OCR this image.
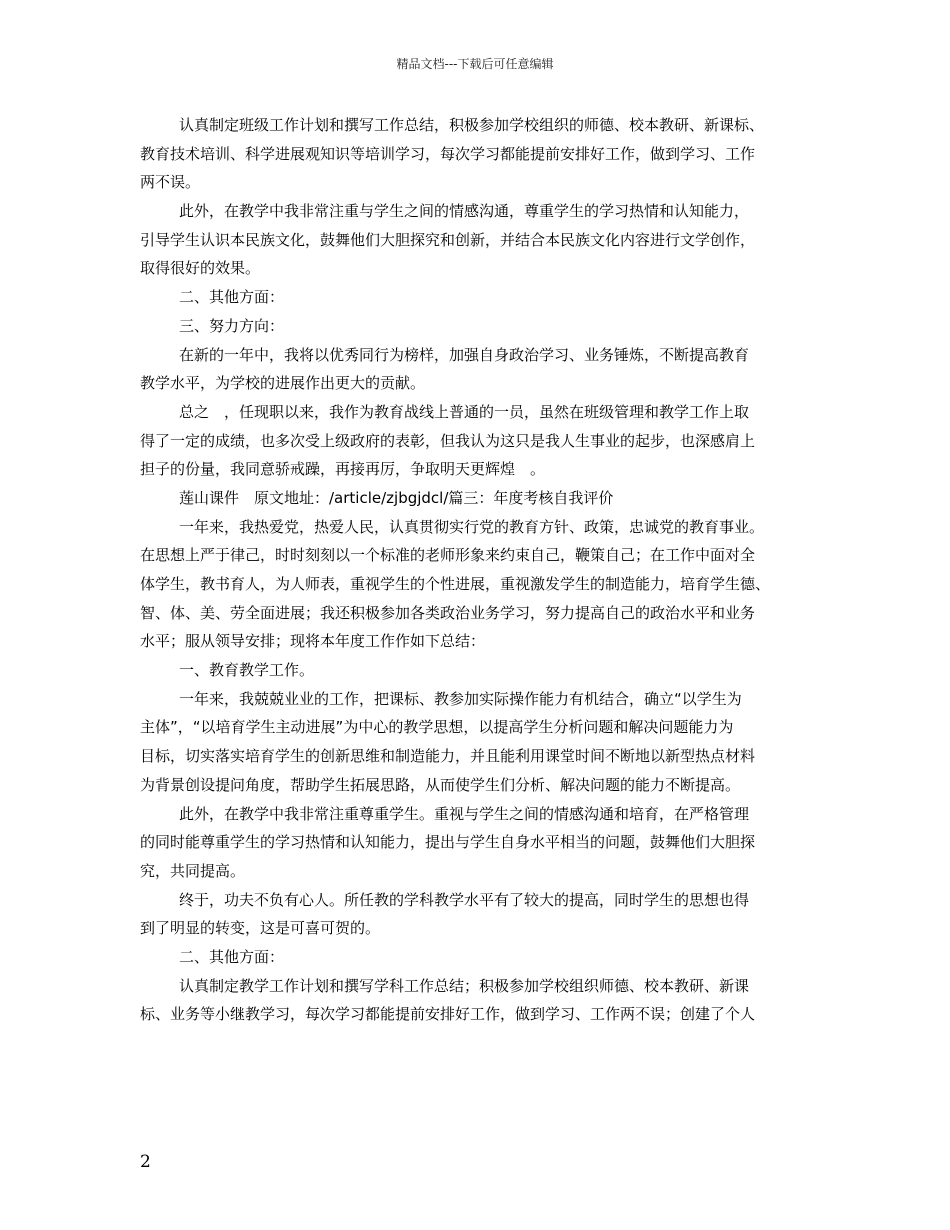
精品文档---下载后可任意编辑
认真制定班级工作计划和撰写工作总结，积极参加学校组织的师德、校本教研、新课标、
教育技术培训、科学进展观知识等培训学习，每次学习都能提前安排好工作，做到学习、工作
两不误。
此外，在教学中我非常注重与学生之间的情感沟通，尊重学生的学习热情和认知能力，
引导学生认识本民族文化，鼓舞他们大胆探究和创新，并结合本民族文化内容进行文学创作，
取得很好的效果。
二、其他方面：
三、努力方向：
在新的一年中，我将以优秀同行为榜样，加强自身政治学习、业务锤炼，不断提高教育
教学水平，为学校的进展作出更大的贡献。
总之　，任现职以来，我作为教育战线上普通的一员，虽然在班级管理和教学工作上取
得了一定的成绩，也多次受上级政府的表彰，但我认为这只是我人生事业的起步，也深感肩上
担子的份量，我同意骄戒躁，再接再厉，争取明天更辉煌　。
莲山课件　原文地址：/article/zjbgjdcl/篇三：年度考核自我评价
一年来，我热爱党，热爱人民，认真贯彻实行党的教育方针、政策，忠诚党的教育事业。
在思想上严于律己，时时刻刻以一个标准的老师形象来约束自己，鞭策自己；在工作中面对全
体学生，教书育人，为人师表，重视学生的个性进展，重视激发学生的制造能力，培育学生德、
智、体、美、劳全面进展；我还积极参加各类政治业务学习，努力提高自己的政治水平和业务
水平；服从领导安排；现将本年度工作作如下总结：
一、教育教学工作。
一年来，我兢兢业业的工作，把课标、教参加实际操作能力有机结合，确立“以学生为
主体”，“以培育学生主动进展”为中心的教学思想，以提高学生分析问题和解决问题能力为
目标，切实落实培育学生的创新思维和制造能力，并且能利用课堂时间不断地以新型热点材料
为背景创设提问角度，帮助学生拓展思路，从而使学生们分析、解决问题的能力不断提高。
此外，在教学中我非常注重尊重学生。重视与学生之间的情感沟通和培育，在严格管理
的同时能尊重学生的学习热情和认知能力，提出与学生自身水平相当的问题，鼓舞他们大胆探
究，共同提高。
终于，功夫不负有心人。所任教的学科教学水平有了较大的提高，同时学生的思想也得
到了明显的转变，这是可喜可贺的。
二、其他方面：
认真制定教学工作计划和撰写学科工作总结；积极参加学校组织师德、校本教研、新课
标、业务等小继教学习，每次学习都能提前安排好工作，做到学习、工作两不误；创建了个人
2
